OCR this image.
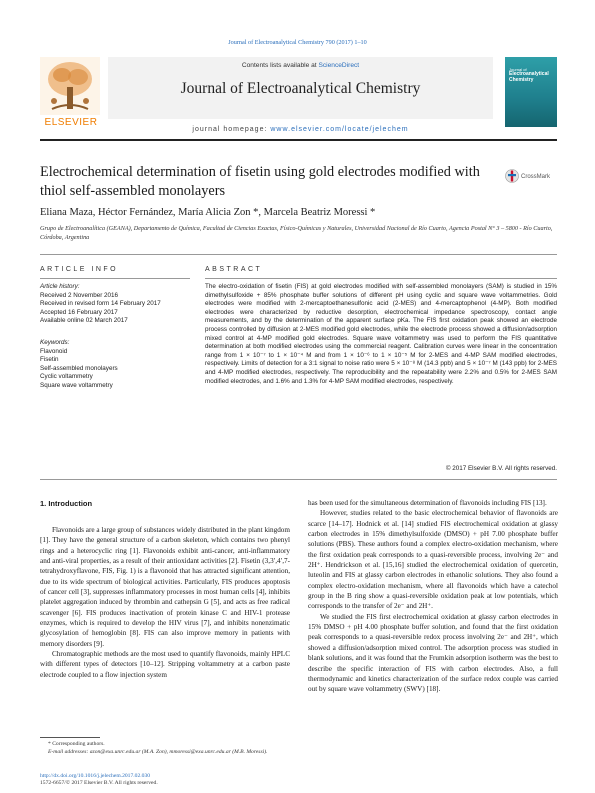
Journal of Electroanalytical Chemistry 790 (2017) 1–10
Contents lists available at ScienceDirect
Journal of Electroanalytical Chemistry
journal homepage: www.elsevier.com/locate/jelechem
ELSEVIER
Journal of
Electroanalytical Chemistry
Electrochemical determination of fisetin using gold electrodes modified with thiol self-assembled monolayers
CrossMark
Eliana Maza, Héctor Fernández, María Alicia Zon *, Marcela Beatriz Moressi *
Grupo de Electroanalítica (GEANA), Departamento de Química, Facultad de Ciencias Exactas, Físico-Químicas y Naturales, Universidad Nacional de Río Cuarto, Agencia Postal N° 3 – 5800 - Río Cuarto, Córdoba, Argentina
ARTICLE INFO	ABSTRACT
Article history:
Received 2 November 2016
Received in revised form 14 February 2017
Accepted 16 February 2017
Available online 02 March 2017
Keywords:
Flavonoid
Fisetin
Self-assembled monolayers
Cyclic voltammetry
Square wave voltammetry
The electro-oxidation of fisetin (FIS) at gold electrodes modified with self-assembled monolayers (SAM) is studied in 15% dimethylsulfoxide + 85% phosphate buffer solutions of different pH using cyclic and square wave voltammetries. Gold electrodes were modified with 2-mercaptoethanesulfonic acid (2-MES) and 4-mercaptophenol (4-MP). Both modified electrodes were characterized by reductive desorption, electrochemical impedance spectroscopy, contact angle measurements, and by the determination of the apparent surface pKa. The FIS first oxidation peak showed an electrode process controlled by diffusion at 2-MES modified gold electrodes, while the electrode process showed a diffusion/adsorption mixed control at 4-MP modified gold electrodes. Square wave voltammetry was used to perform the FIS quantitative determination at both modified electrodes using the commercial reagent. Calibration curves were linear in the concentration range from 1 × 10⁻⁷ to 1 × 10⁻⁴ M and from 1 × 10⁻⁶ to 1 × 10⁻⁵ M for 2-MES and 4-MP SAM modified electrodes, respectively. Limits of detection for a 3:1 signal to noise ratio were 5 × 10⁻⁸ M (14.3 ppb) and 5 × 10⁻⁷ M (143 ppb) for 2-MES and 4-MP modified electrodes, respectively. The reproducibility and the repeatability were 2.2% and 0.5% for 2-MES SAM modified electrodes, and 1.6% and 1.3% for 4-MP SAM modified electrodes, respectively.
© 2017 Elsevier B.V. All rights reserved.
1. Introduction

Flavonoids are a large group of substances widely distributed in the plant kingdom [1]. They have the general structure of a carbon skeleton, which contains two phenyl rings and a heterocyclic ring [1]. Flavonoids exhibit anti-cancer, anti-inflammatory and anti-viral properties, as a result of their antioxidant activities [2]. Fisetin (3,3′,4′,7-tetrahydroxyflavone, FIS, Fig. 1) is a flavonoid that has attracted significant attention, due to its wide spectrum of biological activities. Particularly, FIS produces apoptosis of cancer cell [3], suppresses inflammatory processes in most human cells [4], inhibits platelet aggregation induced by thrombin and cathepsin G [5], and acts as free radical scavenger [6]. FIS produces inactivation of protein kinase C and HIV-1 protease enzymes, which is required to develop the HIV virus [7], and inhibits nonenzimatic glycosylation of hemoglobin [8]. FIS can also improve memory in patients with memory disorders [9].

Chromatographic methods are the most used to quantify flavonoids, mainly HPLC with different types of detectors [10–12]. Stripping voltammetry at a carbon paste electrode coupled to a flow injection system

has been used for the simultaneous determination of flavonoids including FIS [13].

However, studies related to the basic electrochemical behavior of flavonoids are scarce [14–17]. Hodnick et al. [14] studied FIS electrochemical oxidation at glassy carbon electrodes in 15% dimethylsulfoxide (DMSO) + pH 7.00 phosphate buffer solutions (PBS). These authors found a complex electro-oxidation mechanism, where the first oxidation peak corresponds to a quasi-reversible process, involving 2e⁻ and 2H⁺. Hendrickson et al. [15,16] studied the electrochemical oxidation of quercetin, luteolin and FIS at glassy carbon electrodes in ethanolic solutions. They also found a complex electro-oxidation mechanism, where all flavonoids which have a catechol group in the B ring show a quasi-reversible oxidation peak at low potentials, which corresponds to the transfer of 2e⁻ and 2H⁺.

We studied the FIS first electrochemical oxidation at glassy carbon electrodes in 15% DMSO + pH 4.00 phosphate buffer solution, and found that the first oxidation peak corresponds to a quasi-reversible redox process involving 2e⁻ and 2H⁺, which showed a diffusion/adsorption mixed control. The adsorption process was studied in blank solutions, and it was found that the Frumkin adsorption isotherm was the best to describe the specific interaction of FIS with carbon electrodes. Also, a full thermodynamic and kinetics characterization of the surface redox couple was carried out by square wave voltammetry (SWV) [18].

* Corresponding authors.
E-mail addresses: azon@exa.unrc.edu.ar (M.A. Zon), mmoressi@exa.unrc.edu.ar (M.B. Moressi).
http://dx.doi.org/10.1016/j.jelechem.2017.02.030
1572-6657/© 2017 Elsevier B.V. All rights reserved.
